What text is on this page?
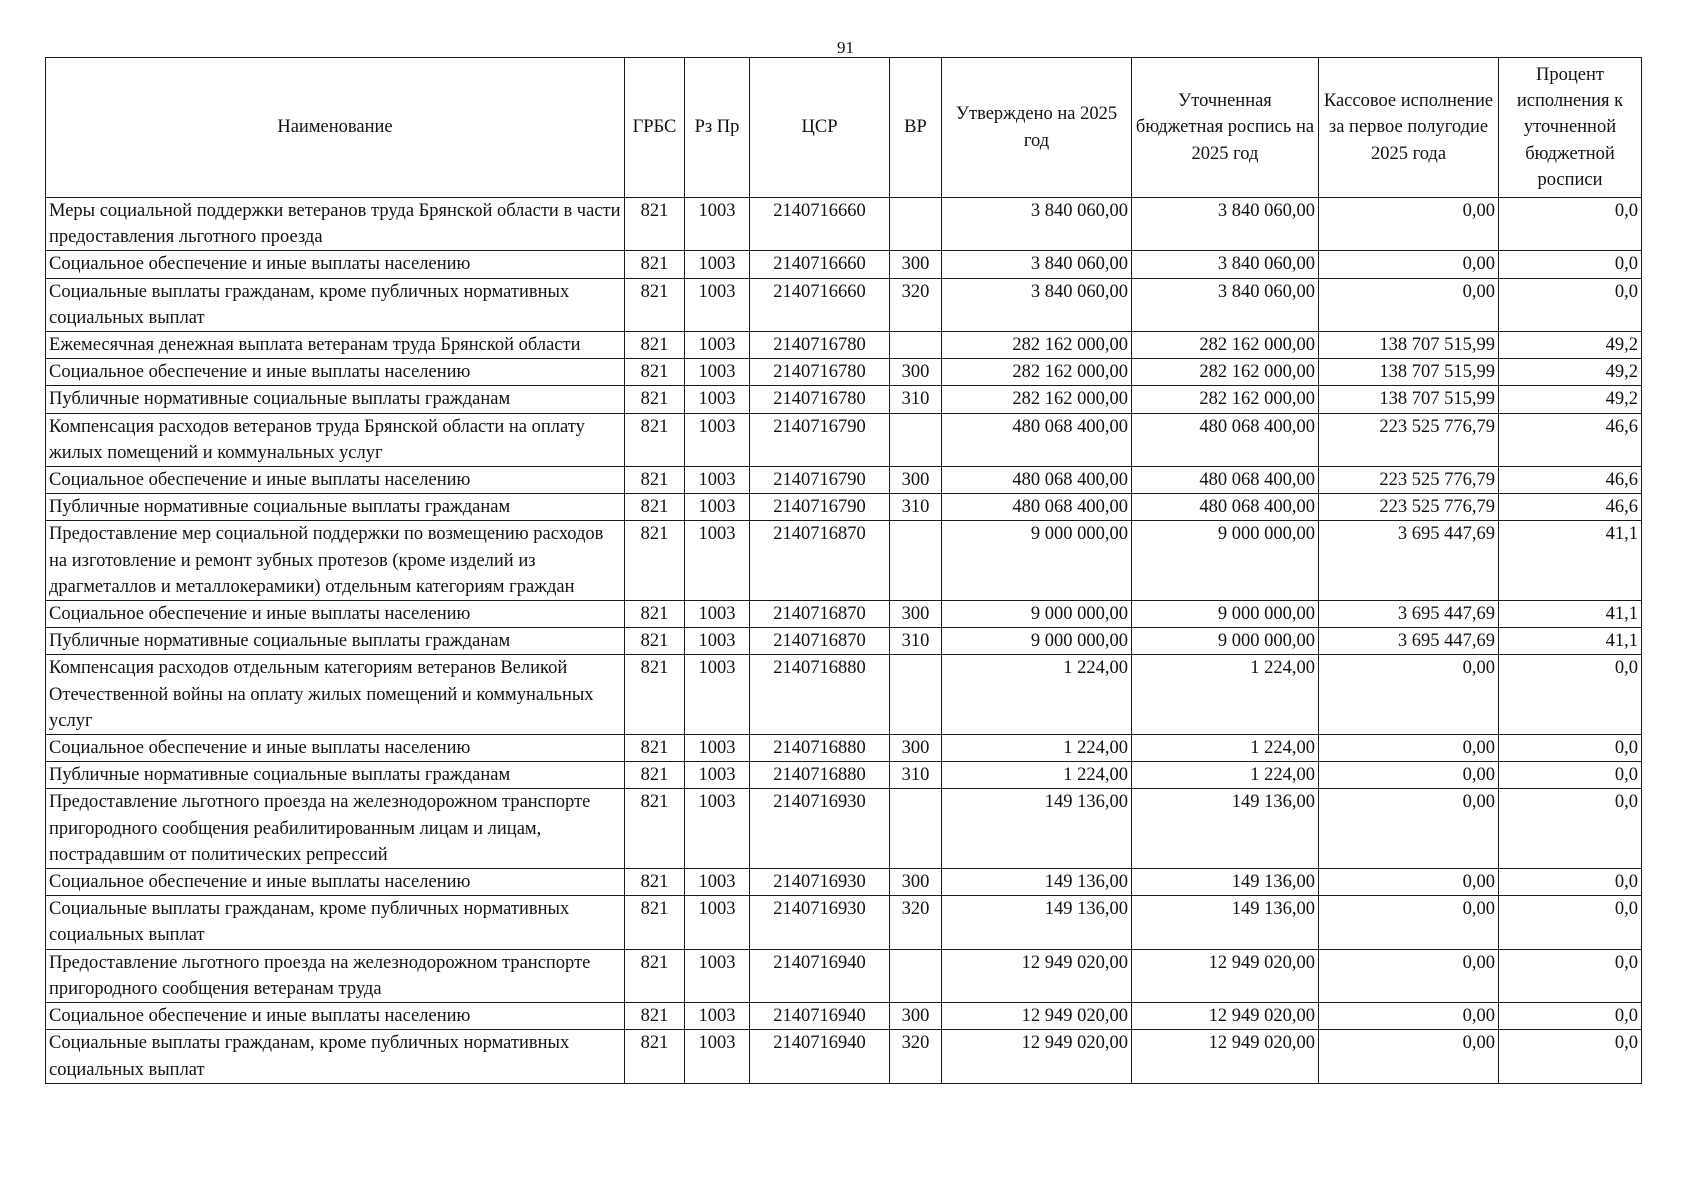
91
Наименование	ГРБС	Рз Пр	ЦСР	ВР	Утверждено на 2025 год	Уточненная бюджетная роспись на 2025 год	Кассовое исполнение за первое полугодие 2025 года	Процент исполнения к уточненной бюджетной росписи
Меры социальной поддержки ветеранов труда Брянской области в части предоставления льготного проезда	821	1003	2140716660		3 840 060,00	3 840 060,00	0,00	0,0
Социальное обеспечение и иные выплаты населению	821	1003	2140716660	300	3 840 060,00	3 840 060,00	0,00	0,0
Социальные выплаты гражданам, кроме публичных нормативных социальных выплат	821	1003	2140716660	320	3 840 060,00	3 840 060,00	0,00	0,0
Ежемесячная денежная выплата ветеранам труда Брянской области	821	1003	2140716780		282 162 000,00	282 162 000,00	138 707 515,99	49,2
Социальное обеспечение и иные выплаты населению	821	1003	2140716780	300	282 162 000,00	282 162 000,00	138 707 515,99	49,2
Публичные нормативные социальные выплаты гражданам	821	1003	2140716780	310	282 162 000,00	282 162 000,00	138 707 515,99	49,2
Компенсация расходов ветеранов труда Брянской области на оплату жилых помещений и коммунальных услуг	821	1003	2140716790		480 068 400,00	480 068 400,00	223 525 776,79	46,6
Социальное обеспечение и иные выплаты населению	821	1003	2140716790	300	480 068 400,00	480 068 400,00	223 525 776,79	46,6
Публичные нормативные социальные выплаты гражданам	821	1003	2140716790	310	480 068 400,00	480 068 400,00	223 525 776,79	46,6
Предоставление мер социальной поддержки по возмещению расходов на изготовление и ремонт зубных протезов (кроме изделий из драгметаллов и металлокерамики) отдельным категориям граждан	821	1003	2140716870		9 000 000,00	9 000 000,00	3 695 447,69	41,1
Социальное обеспечение и иные выплаты населению	821	1003	2140716870	300	9 000 000,00	9 000 000,00	3 695 447,69	41,1
Публичные нормативные социальные выплаты гражданам	821	1003	2140716870	310	9 000 000,00	9 000 000,00	3 695 447,69	41,1
Компенсация расходов отдельным категориям ветеранов Великой Отечественной войны на оплату жилых помещений и коммунальных услуг	821	1003	2140716880		1 224,00	1 224,00	0,00	0,0
Социальное обеспечение и иные выплаты населению	821	1003	2140716880	300	1 224,00	1 224,00	0,00	0,0
Публичные нормативные социальные выплаты гражданам	821	1003	2140716880	310	1 224,00	1 224,00	0,00	0,0
Предоставление льготного проезда на железнодорожном транспорте пригородного сообщения реабилитированным лицам и лицам, пострадавшим от политических репрессий	821	1003	2140716930		149 136,00	149 136,00	0,00	0,0
Социальное обеспечение и иные выплаты населению	821	1003	2140716930	300	149 136,00	149 136,00	0,00	0,0
Социальные выплаты гражданам, кроме публичных нормативных социальных выплат	821	1003	2140716930	320	149 136,00	149 136,00	0,00	0,0
Предоставление льготного проезда на железнодорожном транспорте пригородного сообщения ветеранам труда	821	1003	2140716940		12 949 020,00	12 949 020,00	0,00	0,0
Социальное обеспечение и иные выплаты населению	821	1003	2140716940	300	12 949 020,00	12 949 020,00	0,00	0,0
Социальные выплаты гражданам, кроме публичных нормативных социальных выплат	821	1003	2140716940	320	12 949 020,00	12 949 020,00	0,00	0,0
